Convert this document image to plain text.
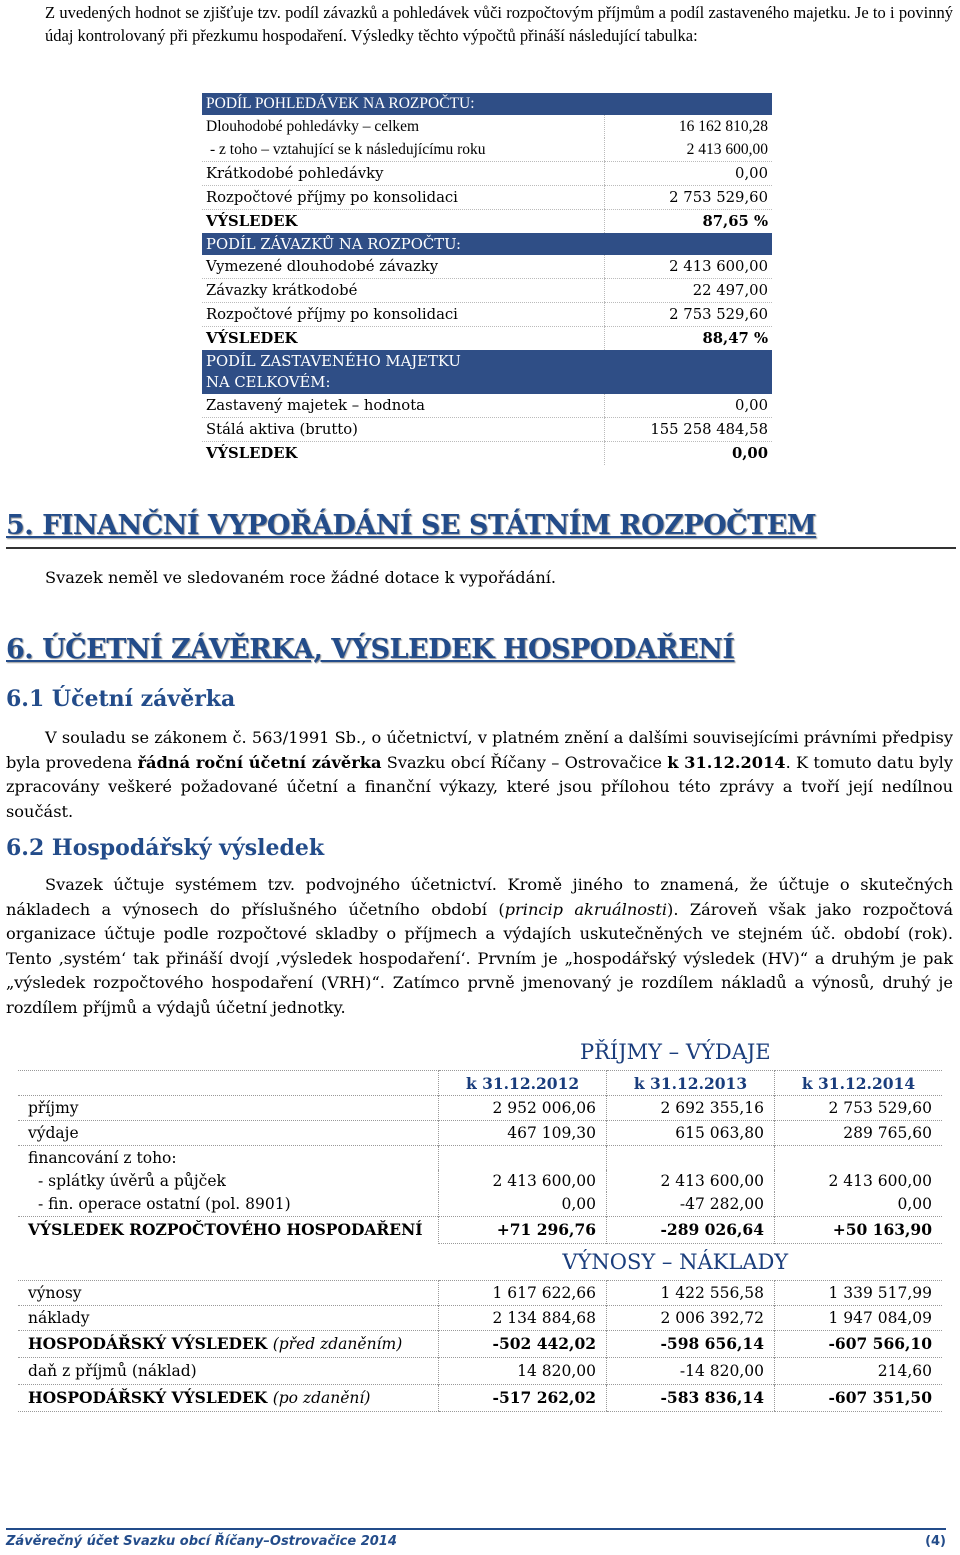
Z uvedených hodnot se zjišťuje tzv. podíl závazků a pohledávek vůči rozpočtovým příjmům a podíl zastaveného majetku. Je to i povinný údaj kontrolovaný při přezkumu hospodaření. Výsledky těchto výpočtů přináší následující tabulka:
PODÍL POHLEDÁVEK NA ROZPOČTU:	
Dlouhodobé pohledávky – celkem	16 162 810,28
- z toho – vztahující se k následujícímu roku	2 413 600,00
Krátkodobé pohledávky	0,00
Rozpočtové příjmy po konsolidaci	2 753 529,60
VÝSLEDEK	87,65 %
PODÍL ZÁVAZKŮ NA ROZPOČTU:	
Vymezené dlouhodobé závazky	2 413 600,00
Závazky krátkodobé	22 497,00
Rozpočtové příjmy po konsolidaci	2 753 529,60
VÝSLEDEK	88,47 %
PODÍL ZASTAVENÉHO MAJETKU NA CELKOVÉM:	
Zastavený majetek – hodnota	0,00
Stálá aktiva (brutto)	155 258 484,58
VÝSLEDEK	0,00
5. FINANČNÍ VYPOŘÁDÁNÍ SE STÁTNÍM ROZPOČTEM
Svazek neměl ve sledovaném roce žádné dotace k vypořádání.
6. ÚČETNÍ ZÁVĚRKA, VÝSLEDEK HOSPODAŘENÍ
6.1 Účetní závěrka
V souladu se zákonem č. 563/1991 Sb., o účetnictví, v platném znění a dalšími souvisejícími právními předpisy byla provedena řádná roční účetní závěrka Svazku obcí Říčany – Ostrovačice k 31.12.2014. K tomuto datu byly zpracovány veškeré požadované účetní a finanční výkazy, které jsou přílohou této zprávy a tvoří její nedílnou součást.
6.2 Hospodářský výsledek
Svazek účtuje systémem tzv. podvojného účetnictví. Kromě jiného to znamená, že účtuje o skutečných nákladech a výnosech do příslušného účetního období (princip akruálnosti). Zároveň však jako rozpočtová organizace účtuje podle rozpočtové skladby o příjmech a výdajích uskutečněných ve stejném úč. období (rok). Tento ‚systém‘ tak přináší dvojí ‚výsledek hospodaření‘. Prvním je „hospodářský výsledek (HV)“ a druhým je pak „výsledek rozpočtového hospodaření (VRH)“. Zatímco prvně jmenovaný je rozdílem nákladů a výnosů, druhý je rozdílem příjmů a výdajů účetní jednotky.
	PŘÍJMY – VÝDAJE		
	k 31.12.2012	k 31.12.2013	k 31.12.2014
příjmy	2 952 006,06	2 692 355,16	2 753 529,60
výdaje	467 109,30	615 063,80	289 765,60
financování z toho:			
- splátky úvěrů a půjček	2 413 600,00	2 413 600,00	2 413 600,00
- fin. operace ostatní (pol. 8901)	0,00	-47 282,00	0,00
VÝSLEDEK ROZPOČTOVÉHO HOSPODAŘENÍ	+71 296,76	-289 026,64	+50 163,90
	VÝNOSY – NÁKLADY		
výnosy	1 617 622,66	1 422 556,58	1 339 517,99
náklady	2 134 884,68	2 006 392,72	1 947 084,09
HOSPODÁŘSKÝ VÝSLEDEK (před zdaněním)	-502 442,02	-598 656,14	-607 566,10
daň z příjmů (náklad)	14 820,00	-14 820,00	214,60
HOSPODÁŘSKÝ VÝSLEDEK (po zdanění)	-517 262,02	-583 836,14	-607 351,50
Závěrečný účet Svazku obcí Říčany–Ostrovačice 2014	(4)
